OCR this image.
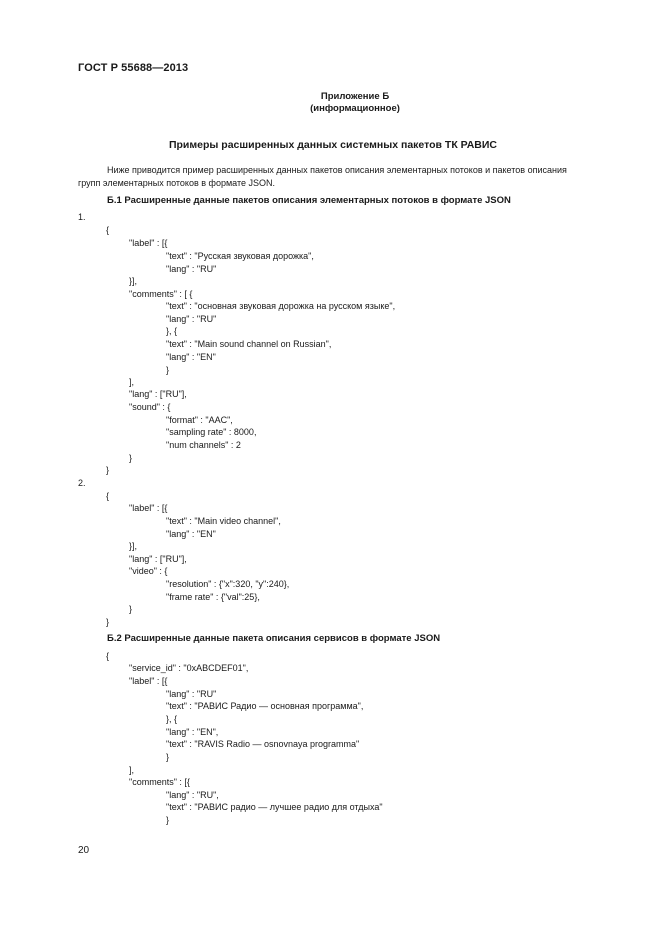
ГОСТ Р 55688—2013
Приложение Б
(информационное)
Примеры расширенных данных системных пакетов ТК РАВИС
Ниже приводится пример расширенных данных пакетов описания элементарных потоков и пакетов описания
групп элементарных потоков в формате JSON.
Б.1 Расширенные данные пакетов описания элементарных потоков в формате JSON
1.
{
"label" : [{
"text" : "Русская звуковая дорожка",
"lang" : "RU"
}],
"comments" : [ {
"text" : "основная звуковая дорожка на русском языке",
"lang" : "RU"
}, {
"text" : "Main sound channel on Russian",
"lang" : "EN"
}
],
"lang" : ["RU"],
"sound" : {
"format" : "AAC",
"sampling rate" : 8000,
"num channels" : 2
}
}
2.
{
"label" : [{
"text" : "Main video channel",
"lang" : "EN"
}],
"lang" : ["RU"],
"video" : {
"resolution" : {"x":320, "y":240},
"frame rate" : {"val":25},
}
}
Б.2 Расширенные данные пакета описания сервисов в формате JSON
{
"service_id" : "0xABCDEF01",
"label" : [{
"lang" : "RU"
"text" : "РАВИС Радио — основная программа",
}, {
"lang" : "EN",
"text" : "RAVIS Radio — osnovnaya programma"
}
],
"comments" : [{
"lang" : "RU",
"text" : "РАВИС радио — лучшее радио для отдыха"
}
20
